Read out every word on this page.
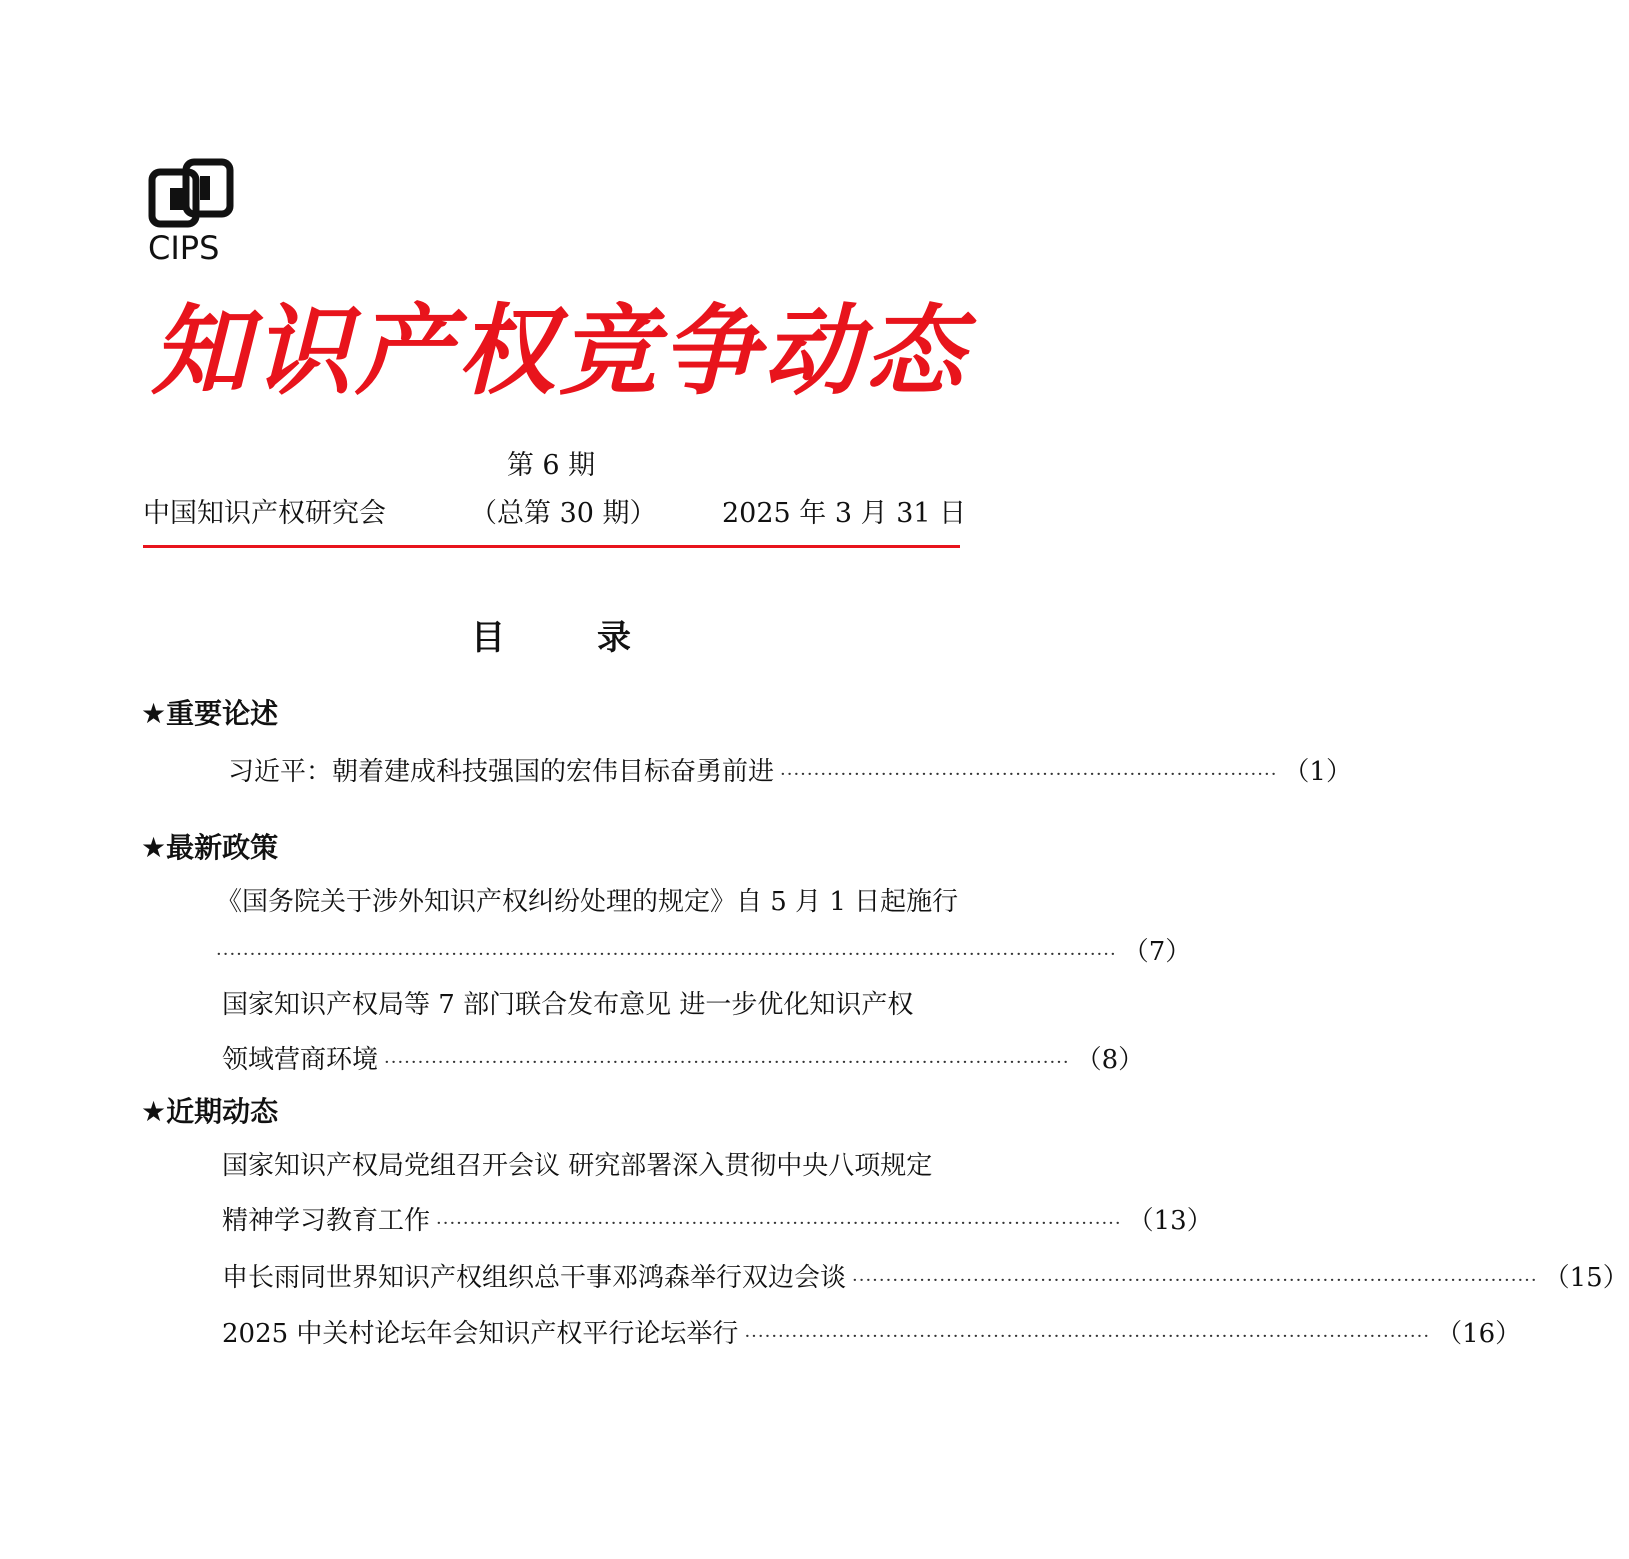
CIPS
知识产权竞争动态
第 6 期
中国知识产权研究会	（总第 30 期） 2025 年 3 月 31 日
目	录
★重要论述
习近平：朝着建成科技强国的宏伟目标奋勇前进 ·········································································· （1）
★最新政策
《国务院关于涉外知识产权纠纷处理的规定》自 5 月 1 日起施行
······································································································································ （7）
国家知识产权局等 7 部门联合发布意见 进一步优化知识产权
领域营商环境 ······································································································ （8）
★近期动态
国家知识产权局党组召开会议 研究部署深入贯彻中央八项规定
精神学习教育工作 ······································································································ （13）
申长雨同世界知识产权组织总干事邓鸿森举行双边会谈 ······································································································ （15）
2025 中关村论坛年会知识产权平行论坛举行 ······································································································ （16）
